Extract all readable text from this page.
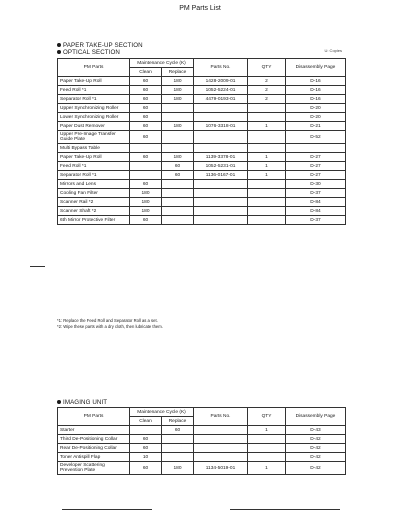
PM Parts List
PAPER TAKE-UP SECTION
OPTICAL SECTION	U: Copies
PM Parts	Maintenance Cycle (K)		Parts No.	QTY	Disassembly Page
	Clean	Replace			
Paper Take-Up Roll	60	180	1428-2009-01	2	D-16
Feed Roll *1	60	180	1052-5224-01	2	D-16
Separator Roll *1	60	180	4479-0193-01	2	D-16
Upper Synchronizing Roller	60				D-20
Lower Synchronizing Roller	60				D-20
Paper Dust Remover	60	180	1076-3318-01	1	D-21
Upper Pre-Image Transfer Guide Plate	60				D-52
Multi Bypass Table					
Paper Take-Up Roll	60	180	1139-3378-01	1	D-27
Feed Roll *1		60	1052-5231-01	1	D-27
Separator Roll *1		60	1136-0167-01	1	D-27
Mirrors and Lens	60				D-30
Cooling Fan Filter	180				D-37
Scanner Rail *2	180				D-84
Scanner Shaft *2	180				D-84
6th Mirror Protective Filter	60				D-37
*1: Replace the Feed Roll and Separator Roll as a set.
*2: Wipe these parts with a dry cloth, then lubricate them.
IMAGING UNIT
PM Parts	Maintenance Cycle (K)		Parts No.	QTY	Disassembly Page
	Clean	Replace			
Starter		60		1	D-43
Third De-Positioning Collar	60				D-42
Rear De-Positioning Collar	60				D-42
Toner Antispill Flap	10				D-42
Developer Scattering Prevention Plate	60	180	1134-5019-01	1	D-42
